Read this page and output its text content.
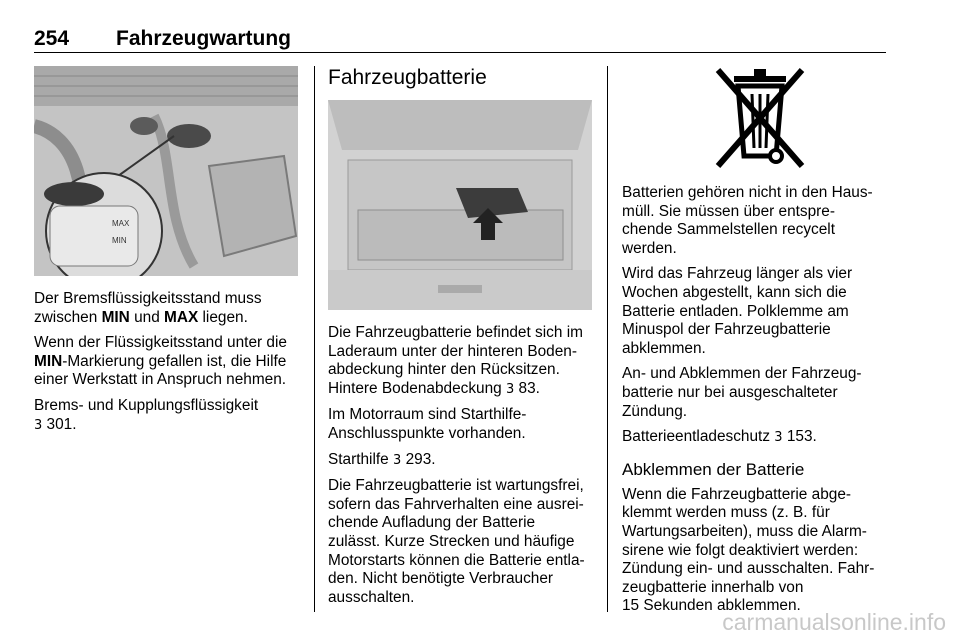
254 Fahrzeugwartung
MAX
MIN

Der Bremsflüssigkeitsstand muss
zwischen MIN und MAX liegen.

Wenn der Flüssigkeitsstand unter die
MIN-Markierung gefallen ist, die Hilfe
einer Werkstatt in Anspruch nehmen.

Brems- und Kupplungsflüssigkeit
3 301.

Fahrzeugbatterie

Die Fahrzeugbatterie befindet sich im
Laderaum unter der hinteren Boden‐
abdeckung hinter den Rücksitzen.
Hintere Bodenabdeckung 3 83.

Im Motorraum sind Starthilfe-
Anschlusspunkte vorhanden.

Starthilfe 3 293.

Die Fahrzeugbatterie ist wartungsfrei,
sofern das Fahrverhalten eine ausrei‐
chende Aufladung der Batterie
zulässt. Kurze Strecken und häufige
Motorstarts können die Batterie entla‐
den. Nicht benötigte Verbraucher
ausschalten.

Batterien gehören nicht in den Haus‐
müll. Sie müssen über entspre‐
chende Sammelstellen recycelt
werden.

Wird das Fahrzeug länger als vier
Wochen abgestellt, kann sich die
Batterie entladen. Polklemme am
Minuspol der Fahrzeugbatterie
abklemmen.

An- und Abklemmen der Fahrzeug‐
batterie nur bei ausgeschalteter
Zündung.

Batterieentladeschutz 3 153.

Abklemmen der Batterie

Wenn die Fahrzeugbatterie abge‐
klemmt werden muss (z. B. für
Wartungsarbeiten), muss die Alarm‐
sirene wie folgt deaktiviert werden:
Zündung ein- und ausschalten. Fahr‐
zeugbatterie innerhalb von
15 Sekunden abklemmen.

carmanualsonline.info
